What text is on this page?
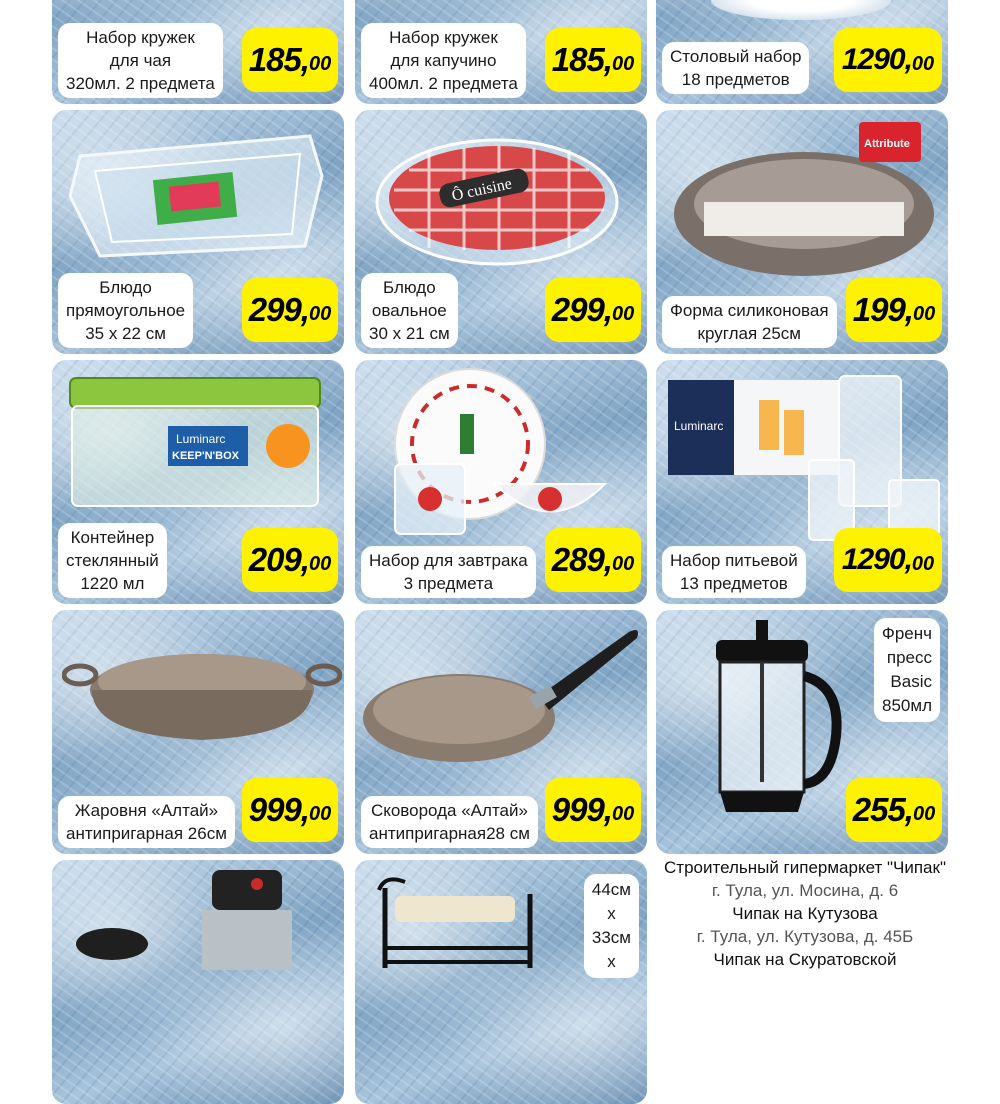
Набор кружек
для чая
320мл. 2 предмета
185, 00
Набор кружек
для капучино
400мл. 2 предмета
185, 00 Столовый набор
18 предметов
1290, 00
Блюдо
прямоугольное
35 х 22 см
299, 00
Ô cuisine
Блюдо
овальное
30 х 21 см
299, 00
Attribute
Форма силиконовая
круглая 25см
199, 00
Luminarc
KEEP'N'BOX
Контейнер
стеклянный
1220 мл
209, 00 Набор для завтрака
3 предмета
289, 00
Luminarc
Набор питьевой
13 предметов
1290, 00
Жаровня «Алтай»
антипригарная 26см
999, 00 Сковорода «Алтай»
антипригарная28 см
999, 00
Френч
пресс
Basic
850мл
255, 00
44см
х
33см
х
Строительный гипермаркет "Чипак"
г. Тула, ул. Мосина, д. 6
Чипак на Кутузова
г. Тула, ул. Кутузова, д. 45Б
Чипак на Скуратовской
